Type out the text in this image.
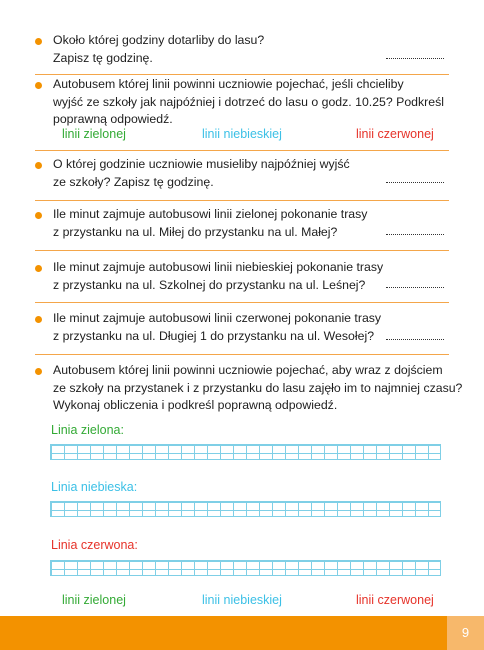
Około której godziny dotarliby do lasu?
Zapisz tę godzinę.
Autobusem której linii powinni uczniowie pojechać, jeśli chcieliby
wyjść ze szkoły jak najpóźniej i dotrzeć do lasu o godz. 10.25? Podkreśl
poprawną odpowiedź.
linii zielonej	linii niebieskiej	linii czerwonej
O której godzinie uczniowie musieliby najpóźniej wyjść
ze szkoły? Zapisz tę godzinę.
Ile minut zajmuje autobusowi linii zielonej pokonanie trasy
z przystanku na ul. Miłej do przystanku na ul. Małej?
Ile minut zajmuje autobusowi linii niebieskiej pokonanie trasy
z przystanku na ul. Szkolnej do przystanku na ul. Leśnej?
Ile minut zajmuje autobusowi linii czerwonej pokonanie trasy
z przystanku na ul. Długiej 1 do przystanku na ul. Wesołej?
Autobusem której linii powinni uczniowie pojechać, aby wraz z dojściem
ze szkoły na przystanek i z przystanku do lasu zajęło im to najmniej czasu?
Wykonaj obliczenia i podkreśl poprawną odpowiedź.
Linia zielona:
Linia niebieska:
Linia czerwona:
linii zielonej	linii niebieskiej	linii czerwonej
9
